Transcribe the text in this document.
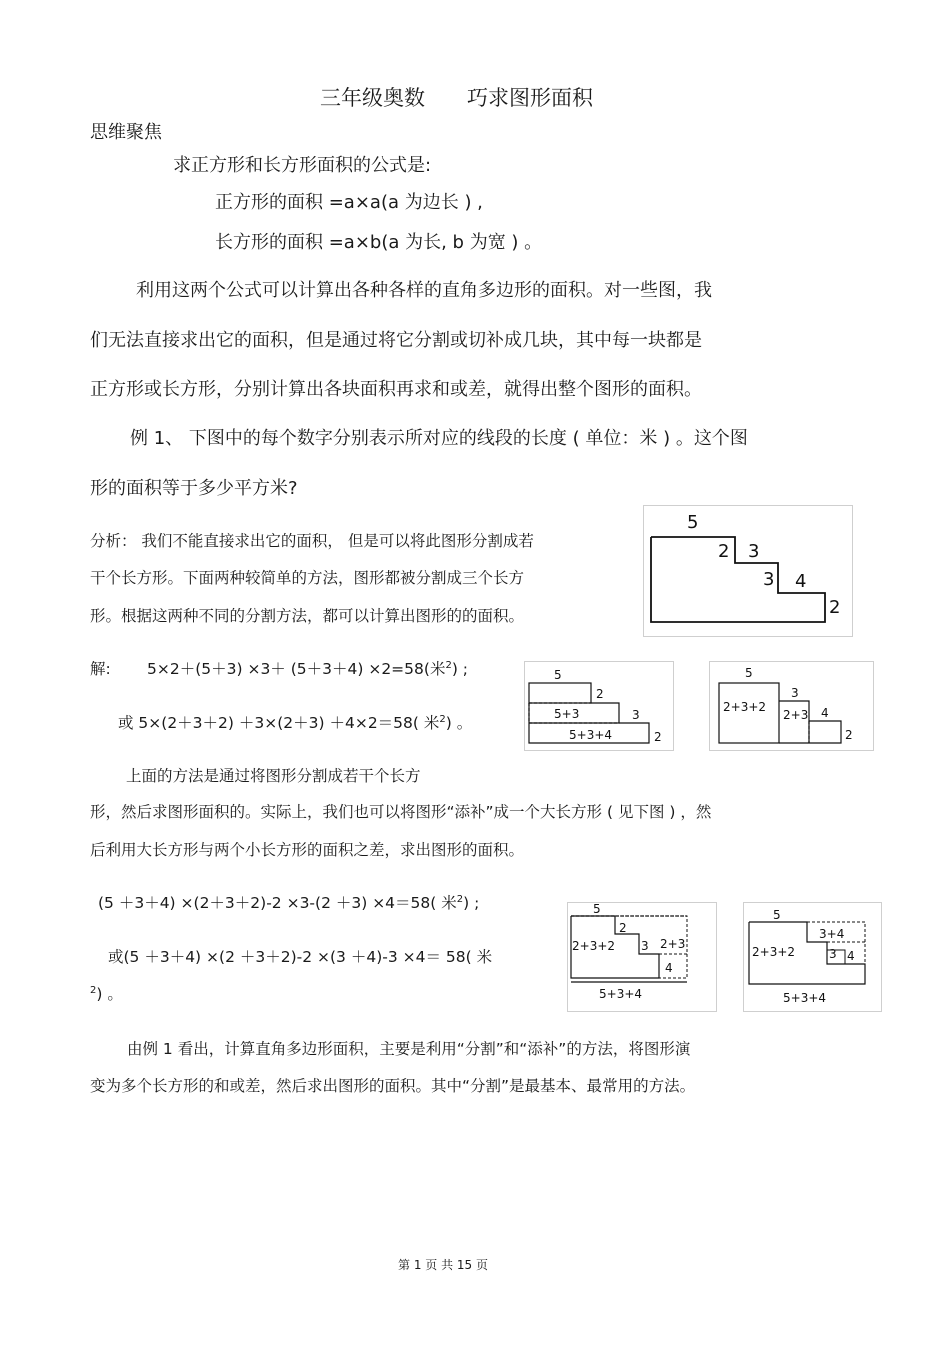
三年级奥数　　巧求图形面积
思维聚焦
求正方形和长方形面积的公式是:
正方形的面积 =a×a(a 为边长 ) ,
长方形的面积 =a×b(a 为长, b 为宽 ) 。
利用这两个公式可以计算出各种各样的直角多边形的面积。对一些图，我
们无法直接求出它的面积，但是通过将它分割或切补成几块，其中每一块都是
正方形或长方形，分别计算出各块面积再求和或差，就得出整个图形的面积。
例 1、 下图中的每个数字分别表示所对应的线段的长度 ( 单位：米 ) 。这个图
形的面积等于多少平方米?
分析： 我们不能直接求出它的面积， 但是可以将此图形分割成若
干个长方形。下面两种较简单的方法，图形都被分割成三个长方
形。根据这两种不同的分割方法，都可以计算出图形的的面积。
5
2 3
3 4
2
解: 5×2＋(5＋3) ×3＋ (5＋3＋4) ×2=58(米$^2$) ;
或 5×(2＋3＋2) ＋3×(2＋3) ＋4×2＝58( 米$^2$) 。
5
2
5+3	3
5+3+4	2
5
2+3+2
3
2+3 4
2
上面的方法是通过将图形分割成若干个长方
形，然后求图形面积的。实际上，我们也可以将图形“添补”成一个大长方形 ( 见下图 ) ，然
后利用大长方形与两个小长方形的面积之差，求出图形的面积。
(5 ＋3＋4) ×(2＋3＋2)-2 ×3-(2 ＋3) ×4＝58( 米$^2$) ;
或(5 ＋3＋4) ×(2 ＋3＋2)-2 ×(3 ＋4)-3 ×4＝ 58( 米
$^2$) 。
5
2+3+2
2
3 2+3
4
5+3+4
5
2+3+2
3+4
3 4
5+3+4
由例 1 看出，计算直角多边形面积，主要是利用“分割”和“添补”的方法，将图形演
变为多个长方形的和或差，然后求出图形的面积。其中“分割”是最基本、最常用的方法。
第 1 页 共 15 页
